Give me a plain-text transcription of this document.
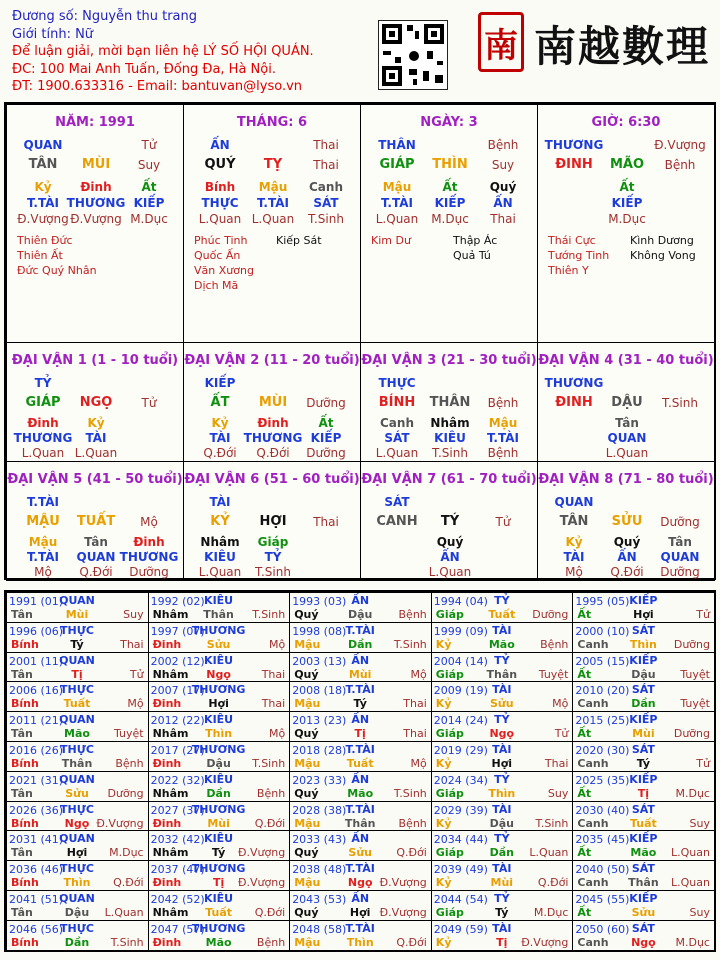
Đương số: Nguyễn thu trang
Giới tính: Nữ
Để luận giải, mời bạn liên hệ LÝ SỐ HỘI QUÁN.
ĐC: 100 Mai Anh Tuấn, Đống Đa, Hà Nội.
ĐT: 1900.633316 - Email: bantuvan@lyso.vn
南 南越數理
NĂM: 1991
QUAN	Tử
TÂN MÙI Suy
Kỷ Đinh Ất
T.TÀI THƯƠNG KIẾP
Đ.Vượng Đ.Vượng M.Dục
Thiên Đức
Thiên Ất
Đức Quý Nhân
THÁNG: 6
ẤN	Thai
QUÝ TỴ	Thai
Bính Mậu Canh
THỰC T.TÀI SÁT
L.Quan L.Quan T.Sinh
Phúc Tinh
Quốc Ấn
Văn Xương
Dịch Mã
Kiếp Sát
NGÀY: 3
THÂN	Bệnh
GIÁP THÌN Suy
Mậu	Ất	Quý
T.TÀI KIẾP ẤN
L.Quan M.Dục Thai
Kim Dư	Thập Ác
Quả Tú
GIỜ: 6:30
THƯƠNG	Đ.Vượng
ĐINH MÃO Bệnh
Ất
KIẾP
M.Dục
Thái Cực
Tướng Tinh
Thiên Y
Kình Dương
Không Vong
ĐẠI VẬN 1 (1 - 10 tuổi)
TỶ
GIÁP NGỌ Tử
Đinh
THƯƠNG
L.Quan
Kỷ
TÀI
L.Quan
ĐẠI VẬN 2 (11 - 20 tuổi)
KIẾP
ẤT MÙI Dưỡng
Kỷ
TÀI
Q.Đới
Đinh
THƯƠNG
Q.Đới
Ất
KIẾP
Dưỡng
ĐẠI VẬN 3 (21 - 30 tuổi)
THỰC
BÍNH THÂN Bệnh
Canh
SÁT
L.Quan
Nhâm
KIÊU
T.Sinh
Mậu
T.TÀI
Bệnh
ĐẠI VẬN 4 (31 - 40 tuổi)
THƯƠNG
ĐINH DẬU T.Sinh
Tân
QUAN
L.Quan
ĐẠI VẬN 5 (41 - 50 tuổi)
T.TÀI
MẬU TUẤT Mộ
Mậu
T.TÀI
Mộ
Tân
QUAN
Q.Đới
Đinh
THƯƠNG
Dưỡng
ĐẠI VẬN 6 (51 - 60 tuổi)
TÀI
KỶ HỢI Thai
Nhâm
KIÊU
L.Quan
Giáp
TỶ
T.Sinh
ĐẠI VẬN 7 (61 - 70 tuổi)
SÁT
CANH TÝ	Tử
Quý
ẤN
L.Quan
ĐẠI VẬN 8 (71 - 80 tuổi)
QUAN
TÂN SỬU Dưỡng
Kỷ
TÀI
Mộ
Quý
ẤN
Q.Đới
Tân
QUAN
Dưỡng
1991 (01)
QUAN
Tân	Mùi	Suy
1992 (02) KIÊU
Nhâm Thân T.Sinh
1993 (03) ẤN
Quý	Dậu Bệnh
1994 (04) TỶ
Giáp Tuất Dưỡng
1995 (05) KIẾP
Ất	Hợi	Tử
1996 (06)
THỰC
Bính	Tý	Thai
1997 (07)
THƯƠNG
Đinh Sửu	Mộ
1998 (08) T.TÀI
Mậu	Dần T.Sinh
1999 (09) TÀI
Kỷ	Mão Bệnh
2000 (10) SÁT
Canh Thìn Dưỡng
2001 (11)
QUAN
Tân	Tị	Tử
2002 (12) KIÊU
Nhâm Ngọ	Thai
2003 (13) ẤN
Quý	Mùi	Mộ
2004 (14) TỶ
Giáp Thân Tuyệt
2005 (15) KIẾP
Ất	Dậu Tuyệt
2006 (16)
THỰC
Bính Tuất	Mộ
2007 (17)
THƯƠNG
Đinh Hợi	Thai
2008 (18) T.TÀI
Mậu	Tý	Thai
2009 (19) TÀI
Kỷ	Sửu	Mộ
2010 (20) SÁT
Canh Dần Tuyệt
2011 (21)
QUAN
Tân	Mão Tuyệt
2012 (22) KIÊU
Nhâm Thìn	Mộ
2013 (23) ẤN
Quý	Tị	Thai
2014 (24) TỶ
Giáp Ngọ	Tử
2015 (25) KIẾP
Ất	Mùi Dưỡng
2016 (26)
THỰC
Bính Thân Bệnh
2017 (27)
THƯƠNG
Đinh Dậu T.Sinh
2018 (28) T.TÀI
Mậu Tuất	Mộ
2019 (29) TÀI
Kỷ	Hợi	Thai
2020 (30) SÁT
Canh	Tý	Tử
2021 (31)
QUAN
Tân	Sửu Dưỡng
2022 (32) KIÊU
Nhâm Dần Bệnh
2023 (33) ẤN
Quý	Mão T.Sinh
2024 (34) TỶ
Giáp Thìn	Suy
2025 (35) KIẾP
Ất	Tị M.Dục
2026 (36)
THỰC
Bính Ngọ Đ.Vượng
2027 (37)
THƯƠNG
Đinh Mùi Q.Đới
2028 (38) T.TÀI
Mậu Thân Bệnh
2029 (39) TÀI
Kỷ	Dậu T.Sinh
2030 (40) SÁT
Canh Tuất	Suy
2031 (41)
QUAN
Tân	Hợi M.Dục
2032 (42) KIÊU
Nhâm Tý Đ.Vượng
2033 (43) ẤN
Quý	Sửu Q.Đới
2034 (44) TỶ
Giáp Dần L.Quan
2035 (45) KIẾP
Ất	Mão L.Quan
2036 (46)
THỰC
Bính Thìn Q.Đới
2037 (47)
THƯƠNG
Đinh	Tị Đ.Vượng
2038 (48) T.TÀI
Mậu Ngọ Đ.Vượng
2039 (49) TÀI
Kỷ	Mùi Q.Đới
2040 (50) SÁT
Canh Thân L.Quan
2041 (51)
QUAN
Tân	Dậu L.Quan
2042 (52) KIÊU
Nhâm Tuất Q.Đới
2043 (53) ẤN
Quý	Hợi Đ.Vượng
2044 (54) TỶ
Giáp	Tý M.Dục
2045 (55) KIẾP
Ất	Sửu	Suy
2046 (56)
THỰC
Bính Dần T.Sinh
2047 (57)
THƯƠNG
Đinh Mão Bệnh
2048 (58) T.TÀI
Mậu Thìn Q.Đới
2049 (59) TÀI
Kỷ	Tị Đ.Vượng
2050 (60) SÁT
Canh Ngọ M.Dục
